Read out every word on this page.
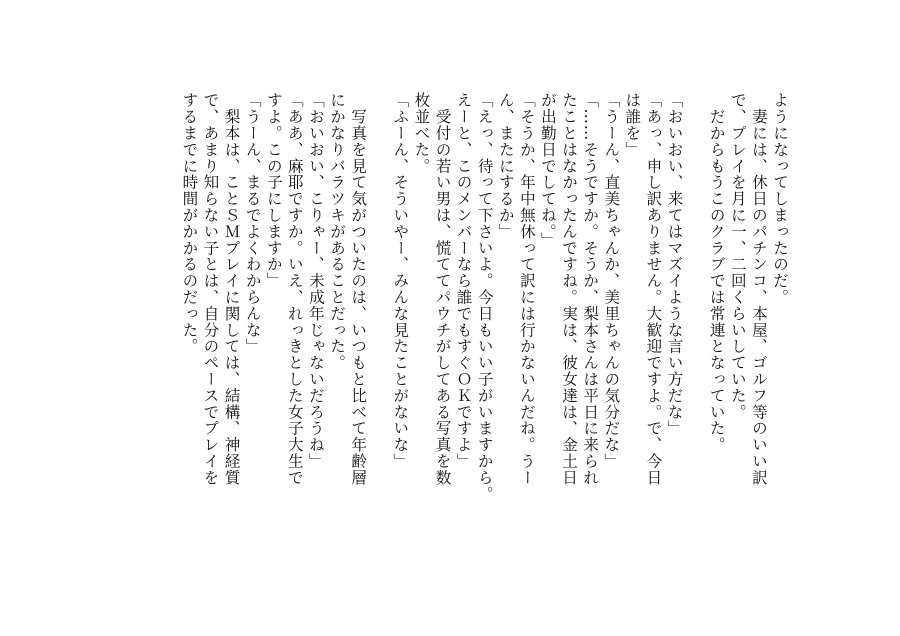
ようになってしまったのだ。
　妻には、休日のパチンコ、本屋、ゴルフ等のいい訳
で、プレイを月に一、二回くらいしていた。
　だからもうこのクラブでは常連となっていた。

「おいおい、来てはマズイような言い方だな」
「あっ、申し訳ありません。大歓迎ですよ。で、今日
は誰を」
「うーん、直美ちゃんか、美里ちゃんの気分だな」
「……そうですか。そうか、梨本さんは平日に来られ
たことはなかったんですね。実は、彼女達は、金土日
が出勤日でしてね。」
「そうか、年中無休って訳には行かないんだね。うー
ん、またにするか」
「えっ、待って下さいよ。今日もいい子がいますから。
えーと、このメンバーなら誰でもすぐＯＫですよ」
　受付の若い男は、慌ててパウチがしてある写真を数
枚並べた。
「ふーん、そういやー、みんな見たことがないな」

　写真を見て気がついたのは、いつもと比べて年齢層
にかなりバラツキがあることだった。
「おいおい、こりゃー、未成年じゃないだろうね」
「ああ、麻耶ですか。いえ、れっきとした女子大生で
すよ。この子にしますか」
「うーん、まるでよくわからんな」
　梨本は、ことＳＭプレイに関しては、結構、神経質
で、あまり知らない子とは、自分のペースでプレイを
するまでに時間がかかるのだった。
